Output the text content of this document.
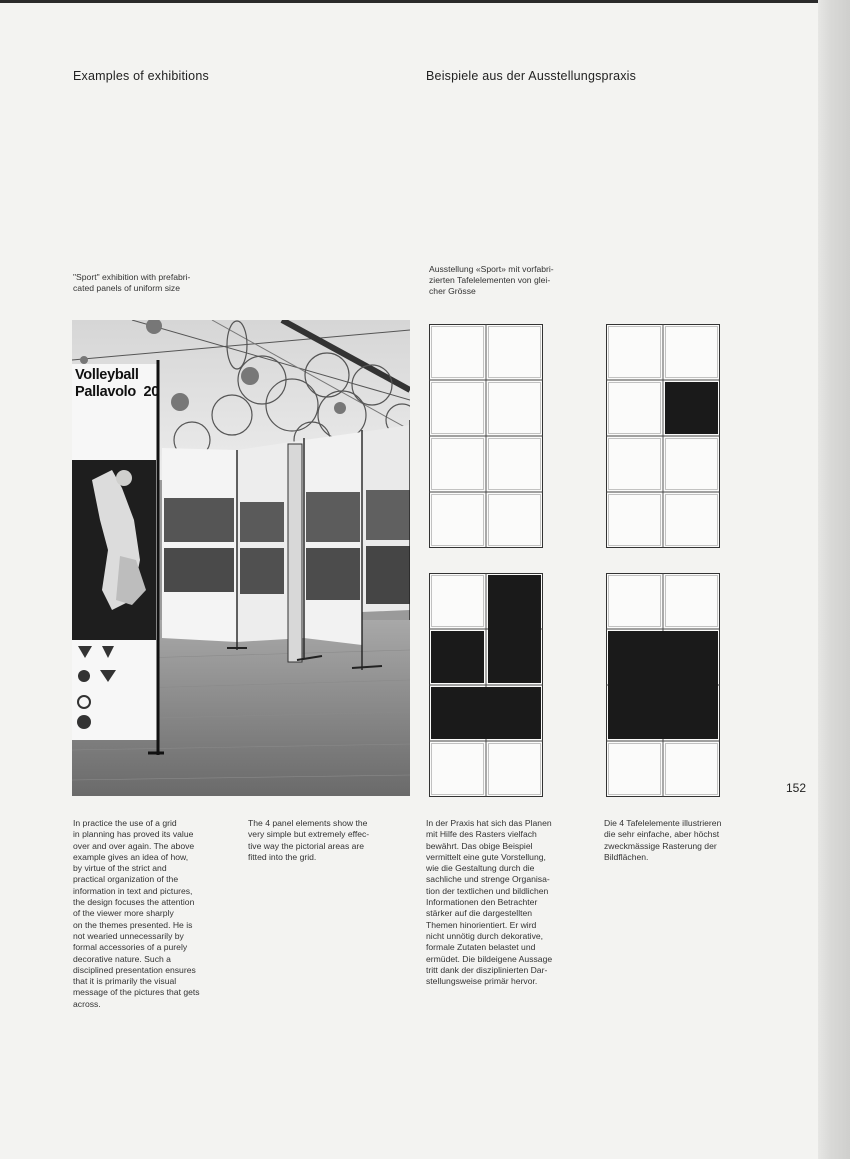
Examples of exhibitions	Beispiele aus der Ausstellungspraxis
"Sport" exhibition with prefabri-
cated panels of uniform size
Ausstellung «Sport» mit vorfabri-
zierten Tafelelementen von glei-
cher Grösse
Volleyball
Pallavolo 20
152
In practice the use of a grid
in planning has proved its value
over and over again. The above
example gives an idea of how,
by virtue of the strict and
practical organization of the
information in text and pictures,
the design focuses the attention
of the viewer more sharply
on the themes presented. He is
not wearied unnecessarily by
formal accessories of a purely
decorative nature. Such a
disciplined presentation ensures
that it is primarily the visual
message of the pictures that gets
across.
The 4 panel elements show the
very simple but extremely effec-
tive way the pictorial areas are
fitted into the grid.
In der Praxis hat sich das Planen
mit Hilfe des Rasters vielfach
bewährt. Das obige Beispiel
vermittelt eine gute Vorstellung,
wie die Gestaltung durch die
sachliche und strenge Organisa-
tion der textlichen und bildlichen
Informationen den Betrachter
stärker auf die dargestellten
Themen hinorientiert. Er wird
nicht unnötig durch dekorative,
formale Zutaten belastet und
ermüdet. Die bildeigene Aussage
tritt dank der disziplinierten Dar-
stellungsweise primär hervor.
Die 4 Tafelelemente illustrieren
die sehr einfache, aber höchst
zweckmässige Rasterung der
Bildflächen.
